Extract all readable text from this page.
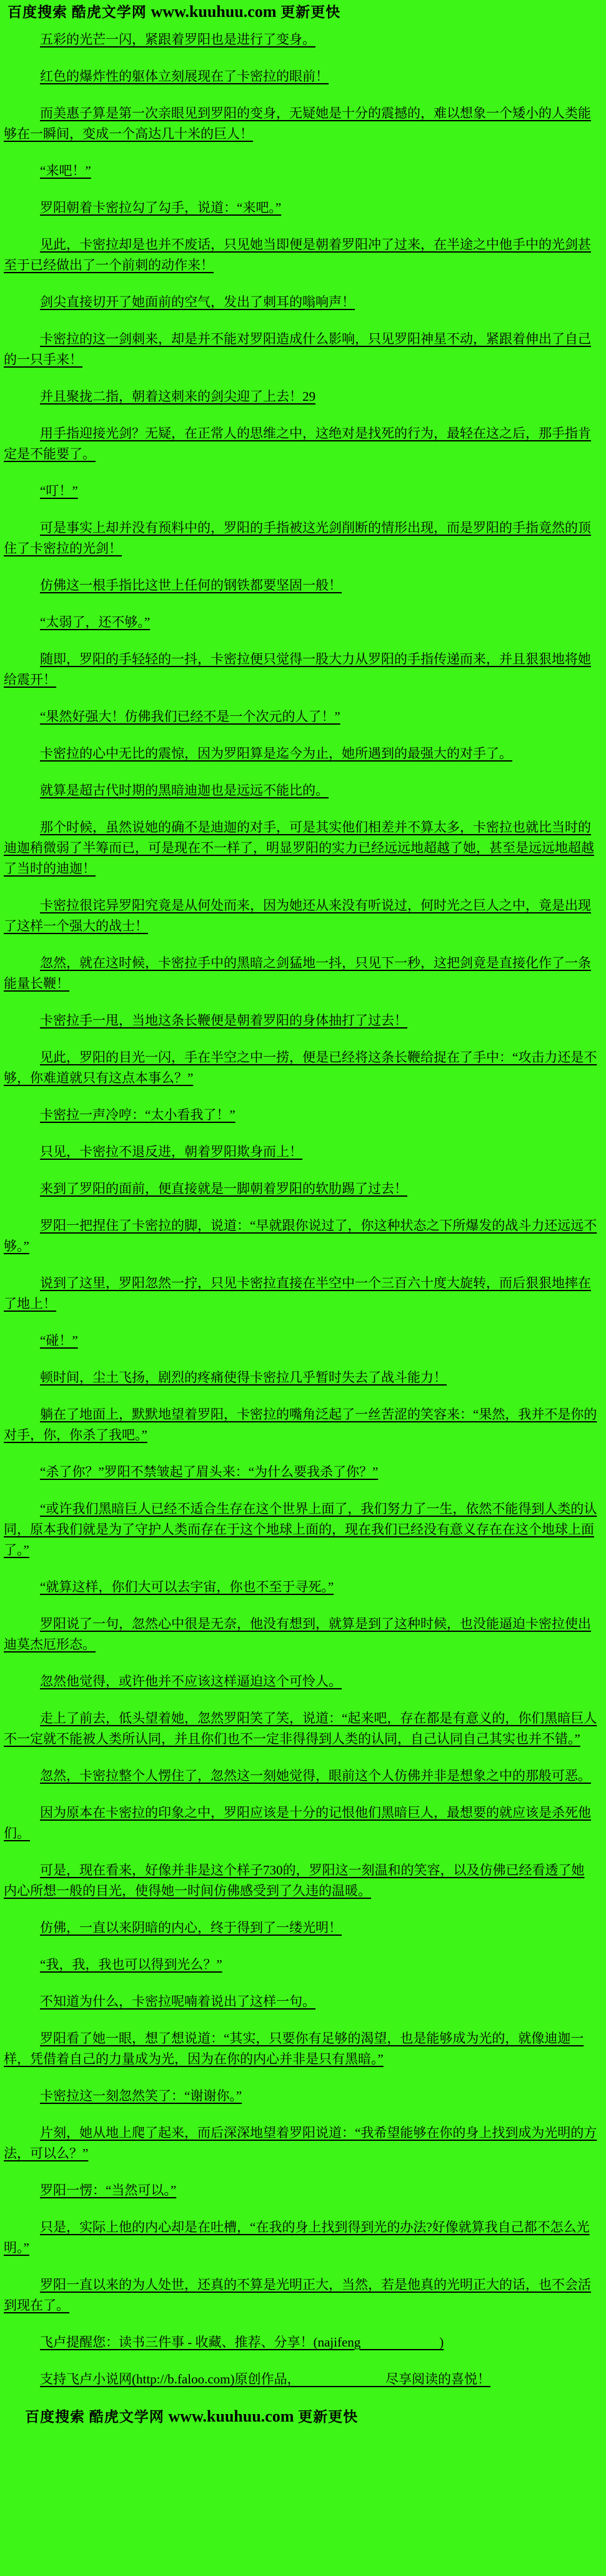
百度搜索 酷虎文学网 www.kuuhuu.com 更新更快

五彩的光芒一闪，紧跟着罗阳也是进行了变身。

红色的爆炸性的躯体立刻展现在了卡密拉的眼前！

而美惠子算是第一次亲眼见到罗阳的变身，无疑她是十分的震撼的，难以想象一个矮小的人类能够在一瞬间，变成一个高达几十米的巨人！

“来吧！”

罗阳朝着卡密拉勾了勾手，说道：“来吧。”

见此，卡密拉却是也并不废话，只见她当即便是朝着罗阳冲了过来，在半途之中他手中的光剑甚至于已经做出了一个前刺的动作来！

剑尖直接切开了她面前的空气，发出了刺耳的嗡响声！

卡密拉的这一剑刺来，却是并不能对罗阳造成什么影响，只见罗阳神星不动，紧跟着伸出了自己的一只手来！

并且聚拢二指，朝着这刺来的剑尖迎了上去！29

用手指迎接光剑？无疑，在正常人的思维之中，这绝对是找死的行为，最轻在这之后，那手指肯定是不能要了。

“叮！”

可是事实上却并没有预料中的，罗阳的手指被这光剑削断的情形出现，而是罗阳的手指竟然的顶住了卡密拉的光剑！

仿佛这一根手指比这世上任何的钢铁都要坚固一般！

“太弱了，还不够。”

随即，罗阳的手轻轻的一抖，卡密拉便只觉得一股大力从罗阳的手指传递而来，并且狠狠地将她给震开！

“果然好强大！仿佛我们已经不是一个次元的人了！”

卡密拉的心中无比的震惊，因为罗阳算是迄今为止，她所遇到的最强大的对手了。

就算是超古代时期的黑暗迪迦也是远远不能比的。

那个时候，虽然说她的确不是迪迦的对手，可是其实他们相差并不算太多，卡密拉也就比当时的迪迦稍微弱了半筹而已，可是现在不一样了，明显罗阳的实力已经远远地超越了她，甚至是远远地超越了当时的迪迦！

卡密拉很诧异罗阳究竟是从何处而来，因为她还从来没有听说过，何时光之巨人之中，竟是出现了这样一个强大的战士！

忽然，就在这时候，卡密拉手中的黑暗之剑猛地一抖，只见下一秒，这把剑竟是直接化作了一条能量长鞭！

卡密拉手一甩，当地这条长鞭便是朝着罗阳的身体抽打了过去！

见此，罗阳的目光一闪，手在半空之中一捞，便是已经将这条长鞭给捉在了手中：“攻击力还是不够，你难道就只有这点本事么？”

卡密拉一声冷哼：“太小看我了！”

只见，卡密拉不退反进，朝着罗阳欺身而上！

来到了罗阳的面前，便直接就是一脚朝着罗阳的软肋踢了过去！

罗阳一把捏住了卡密拉的脚，说道：“早就跟你说过了，你这种状态之下所爆发的战斗力还远远不够。”

说到了这里，罗阳忽然一拧，只见卡密拉直接在半空中一个三百六十度大旋转，而后狠狠地摔在了地上！

“碰！”

顿时间，尘土飞扬，剧烈的疼痛使得卡密拉几乎暂时失去了战斗能力！

躺在了地面上，默默地望着罗阳，卡密拉的嘴角泛起了一丝苦涩的笑容来：“果然，我并不是你的对手，你，你杀了我吧。”

“杀了你？”罗阳不禁皱起了眉头来：“为什么要我杀了你？”

“或许我们黑暗巨人已经不适合生存在这个世界上面了，我们努力了一生，依然不能得到人类的认同，原本我们就是为了守护人类而存在于这个地球上面的，现在我们已经没有意义存在在这个地球上面了。”

“就算这样，你们大可以去宇宙，你也不至于寻死。”

罗阳说了一句，忽然心中很是无奈，他没有想到，就算是到了这种时候，也没能逼迫卡密拉使出迪莫杰厄形态。

忽然他觉得，或许他并不应该这样逼迫这个可怜人。

走上了前去，低头望着她，忽然罗阳笑了笑，说道：“起来吧，存在都是有意义的，你们黑暗巨人不一定就不能被人类所认同，并且你们也不一定非得得到人类的认同，自己认同自己其实也并不错。”

忽然，卡密拉整个人愣住了，忽然这一刻她觉得，眼前这个人仿佛并非是想象之中的那般可恶。

因为原本在卡密拉的印象之中，罗阳应该是十分的记恨他们黑暗巨人，最想要的就应该是杀死他们。

可是，现在看来，好像并非是这个样子730的，罗阳这一刻温和的笑容，以及仿佛已经看透了她内心所想一般的目光，使得她一时间仿佛感受到了久违的温暖。

仿佛，一直以来阴暗的内心，终于得到了一缕光明！

“我，我，我也可以得到光么？”

不知道为什么，卡密拉呢喃着说出了这样一句。

罗阳看了她一眼，想了想说道：“其实，只要你有足够的渴望，也是能够成为光的，就像迪迦一样，凭借着自己的力量成为光，因为在你的内心并非是只有黑暗。”

卡密拉这一刻忽然笑了：“谢谢你。”

片刻，她从地上爬了起来，而后深深地望着罗阳说道：“我希望能够在你的身上找到成为光明的方法，可以么？”

罗阳一愣：“当然可以。”

只是，实际上他的内心却是在吐槽，“在我的身上找到得到光的办法?好像就算我自己都不怎么光明。”

罗阳一直以来的为人处世，还真的不算是光明正大，当然，若是他真的光明正大的话，也不会活到现在了。

飞卢提醒您：读书三件事 - 收藏、推荐、分享！(najifeng                        )

支持飞卢小说网(http://b.faloo.com)原创作品，                          尽享阅读的喜悦！

百度搜索 酷虎文学网 www.kuuhuu.com 更新更快
